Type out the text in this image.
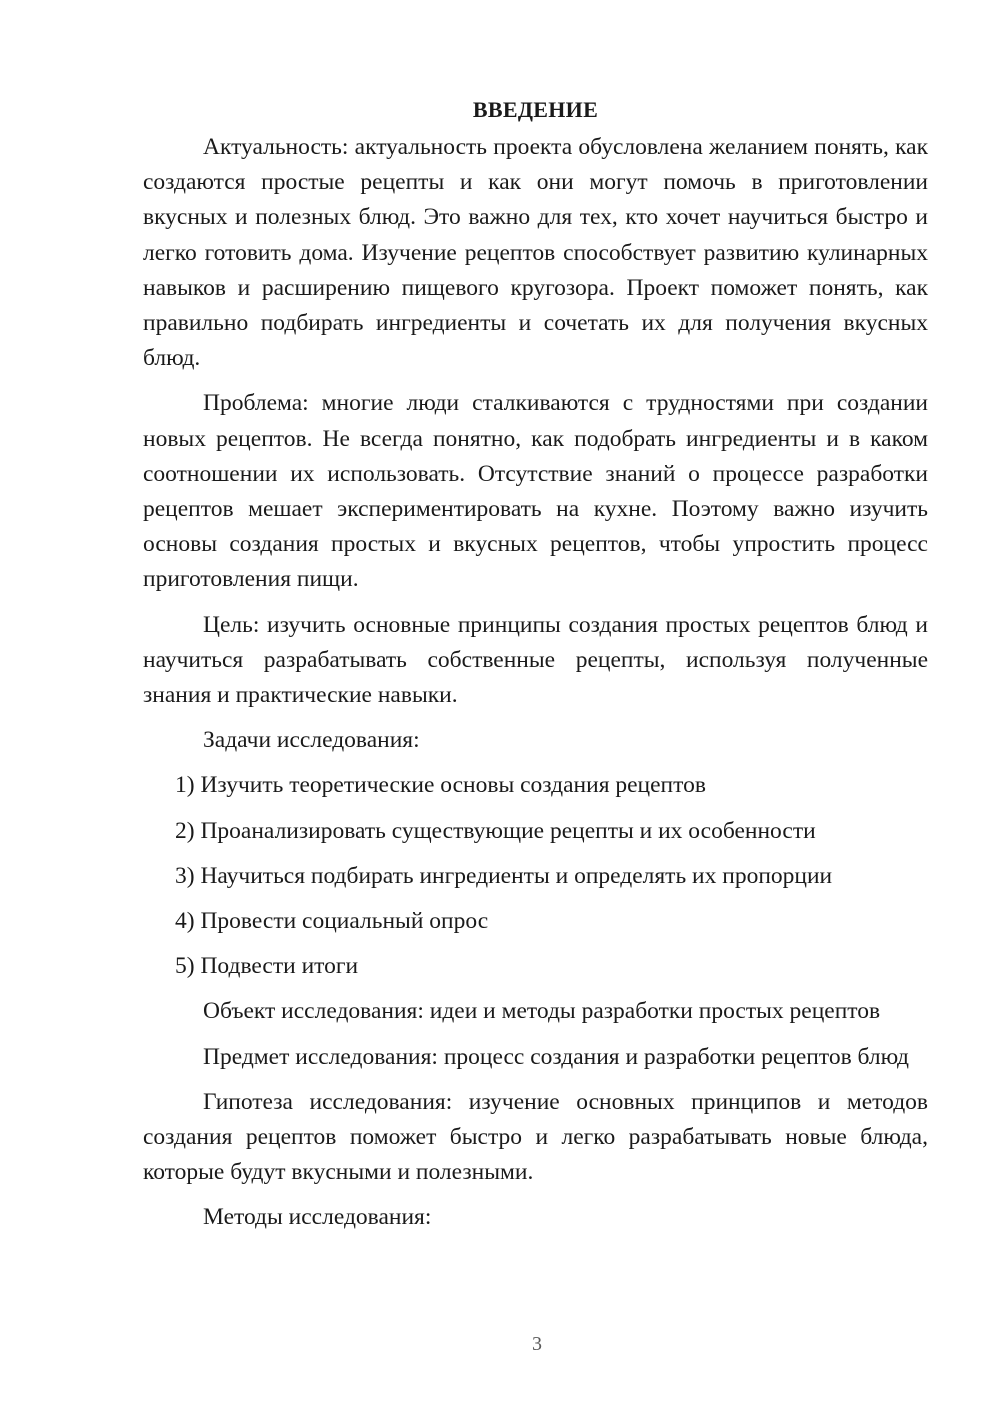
ВВЕДЕНИЕ

Актуальность: актуальность проекта обусловлена желанием понять, как создаются простые рецепты и как они могут помочь в приготовлении вкусных и полезных блюд. Это важно для тех, кто хочет научиться быстро и легко готовить дома. Изучение рецептов способствует развитию кулинарных навыков и расширению пищевого кругозора. Проект поможет понять, как правильно подбирать ингредиенты и сочетать их для получения вкусных блюд.

Проблема: многие люди сталкиваются с трудностями при создании новых рецептов. Не всегда понятно, как подобрать ингредиенты и в каком соотношении их использовать. Отсутствие знаний о процессе разработки рецептов мешает экспериментировать на кухне. Поэтому важно изучить основы создания простых и вкусных рецептов, чтобы упростить процесс приготовления пищи.

Цель: изучить основные принципы создания простых рецептов блюд и научиться разрабатывать собственные рецепты, используя полученные знания и практические навыки.

Задачи исследования:

1) Изучить теоретические основы создания рецептов
2) Проанализировать существующие рецепты и их особенности
3) Научиться подбирать ингредиенты и определять их пропорции
4) Провести социальный опрос
5) Подвести итоги

Объект исследования: идеи и методы разработки простых рецептов

Предмет исследования: процесс создания и разработки рецептов блюд

Гипотеза исследования: изучение основных принципов и методов создания рецептов поможет быстро и легко разрабатывать новые блюда, которые будут вкусными и полезными.

Методы исследования:

3
